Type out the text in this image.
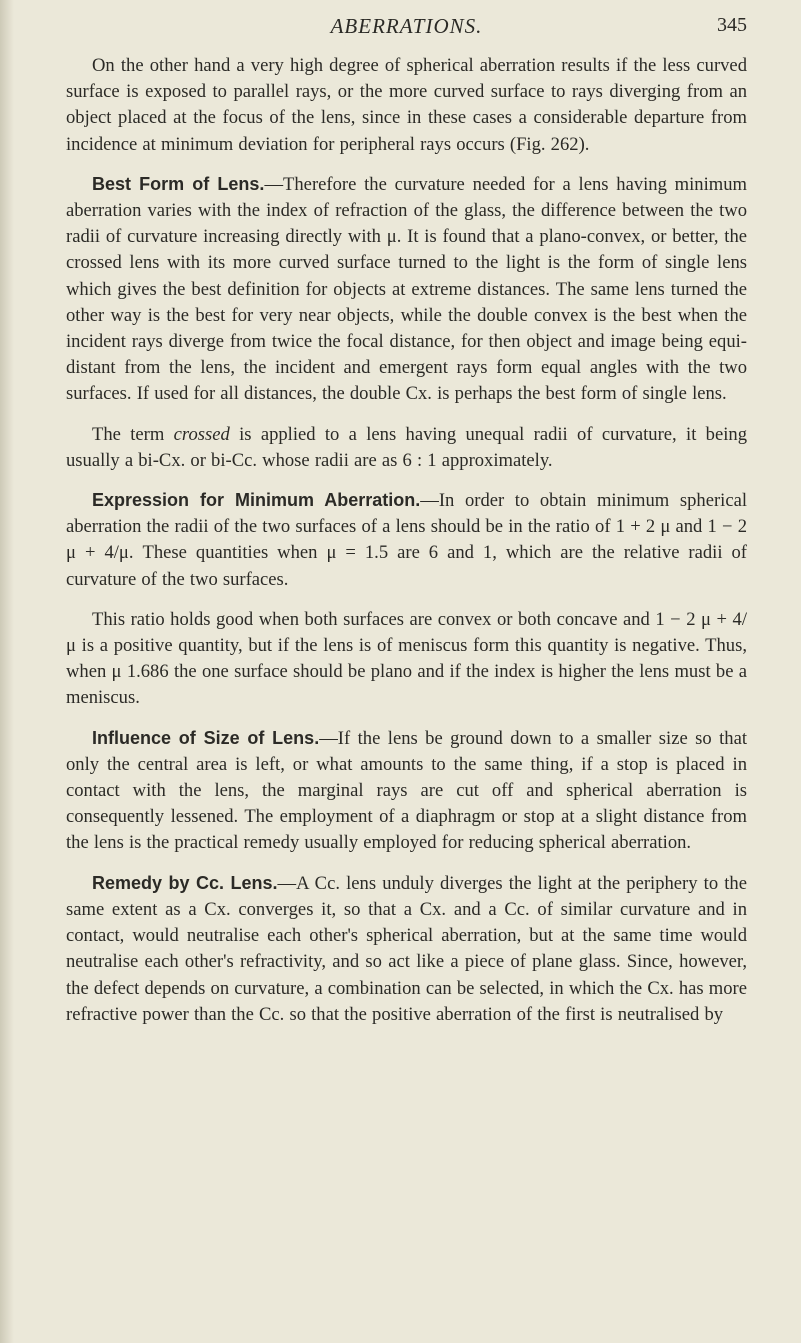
ABERRATIONS.	345

On the other hand a very high degree of spherical aberration results if the less curved surface is exposed to parallel rays, or the more curved surface to rays diverging from an object placed at the focus of the lens, since in these cases a considerable departure from incidence at minimum deviation for peripheral rays occurs (Fig. 262).

Best Form of Lens.—Therefore the curvature needed for a lens having minimum aberration varies with the index of refraction of the glass, the difference between the two radii of curvature increasing directly with μ. It is found that a plano-convex, or better, the crossed lens with its more curved surface turned to the light is the form of single lens which gives the best definition for objects at extreme distances. The same lens turned the other way is the best for very near objects, while the double convex is the best when the incident rays diverge from twice the focal distance, for then object and image being equi-distant from the lens, the incident and emergent rays form equal angles with the two surfaces. If used for all distances, the double Cx. is perhaps the best form of single lens.

The term crossed is applied to a lens having unequal radii of curvature, it being usually a bi-Cx. or bi-Cc. whose radii are as 6 : 1 approximately.

Expression for Minimum Aberration.—In order to obtain minimum spherical aberration the radii of the two surfaces of a lens should be in the ratio of 1 + 2 μ and 1 − 2 μ + 4/μ. These quantities when μ = 1.5 are 6 and 1, which are the relative radii of curvature of the two surfaces.

This ratio holds good when both surfaces are convex or both concave and 1 − 2 μ + 4/μ is a positive quantity, but if the lens is of meniscus form this quantity is negative. Thus, when μ 1.686 the one surface should be plano and if the index is higher the lens must be a meniscus.

Influence of Size of Lens.—If the lens be ground down to a smaller size so that only the central area is left, or what amounts to the same thing, if a stop is placed in contact with the lens, the marginal rays are cut off and spherical aberration is consequently lessened. The employment of a diaphragm or stop at a slight distance from the lens is the practical remedy usually employed for reducing spherical aberration.

Remedy by Cc. Lens.—A Cc. lens unduly diverges the light at the periphery to the same extent as a Cx. converges it, so that a Cx. and a Cc. of similar curvature and in contact, would neutralise each other's spherical aberration, but at the same time would neutralise each other's refractivity, and so act like a piece of plane glass. Since, however, the defect depends on curvature, a combination can be selected, in which the Cx. has more refractive power than the Cc. so that the positive aberration of the first is neutralised by
